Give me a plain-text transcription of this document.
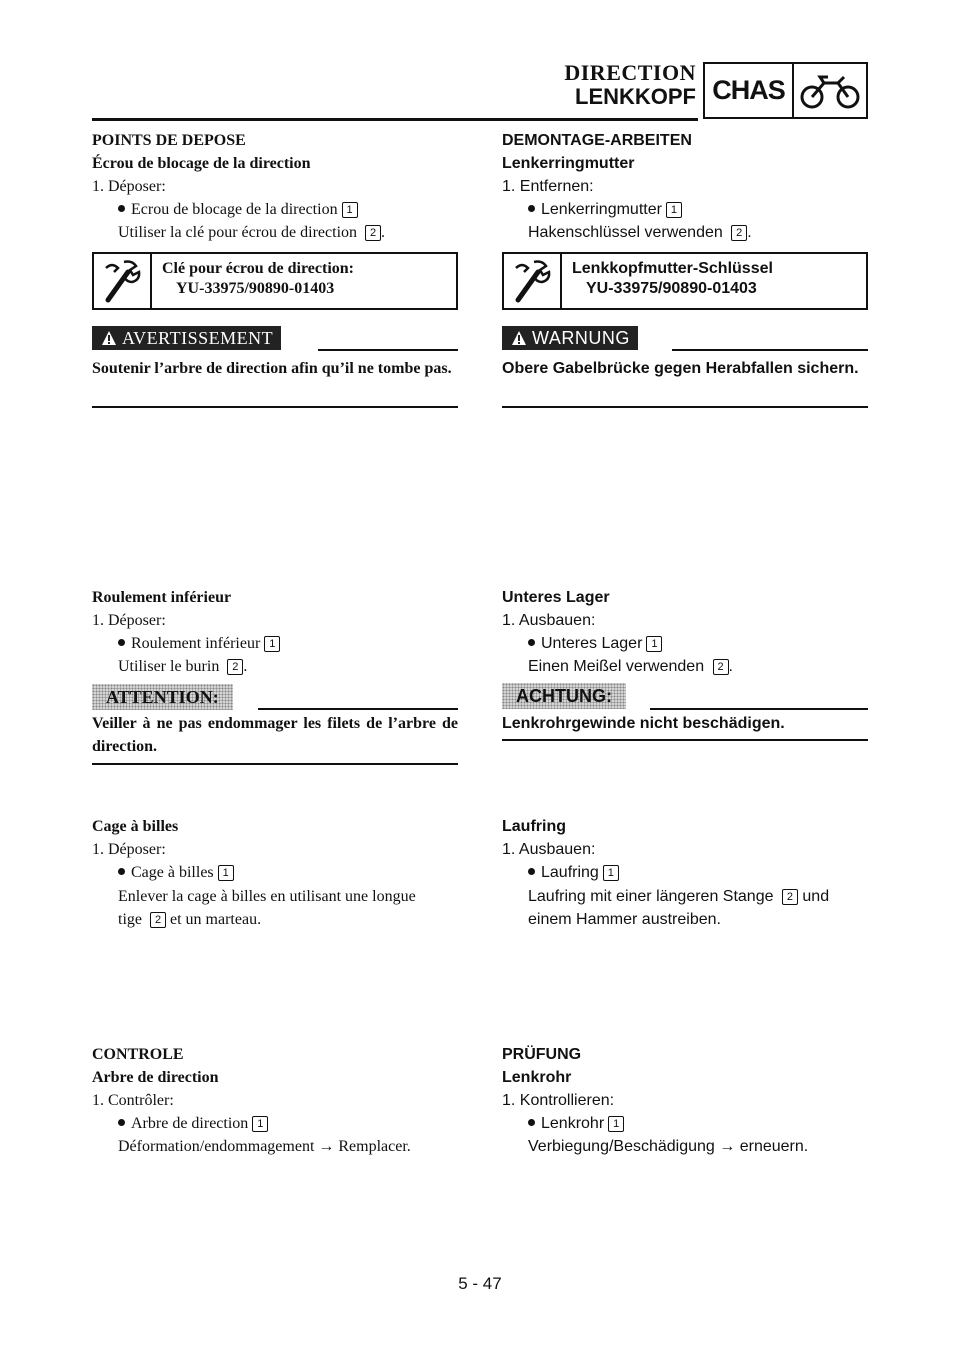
DIRECTION
LENKKOPF CHAS
POINTS DE DEPOSE
Écrou de blocage de la direction
1. Déposer:
Ecrou de blocage de la direction 1
Utiliser la clé pour écrou de direction 2 .
Clé pour écrou de direction:
YU-33975/90890-01403
AVERTISSEMENT
Soutenir l’arbre de direction afin qu’il ne tombe pas.
Roulement inférieur
1. Déposer:
Roulement inférieur 1
Utiliser le burin 2 .
ATTENTION:
Veiller à ne pas endommager les filets de l’arbre de direction.
Cage à billes
1. Déposer:
Cage à billes 1
Enlever la cage à billes en utilisant une longue
tige 2 et un marteau.
CONTROLE
Arbre de direction
1. Contrôler:
Arbre de direction 1
Déformation/endommagement → Remplacer.
DEMONTAGE-ARBEITEN
Lenkerringmutter
1. Entfernen:
Lenkerringmutter 1
Hakenschlüssel verwenden 2 .
Lenkkopfmutter-Schlüssel
YU-33975/90890-01403
WARNUNG
Obere Gabelbrücke gegen Herabfallen sichern.
Unteres Lager
1. Ausbauen:
Unteres Lager 1
Einen Meißel verwenden 2 .
ACHTUNG:
Lenkrohrgewinde nicht beschädigen.
Laufring
1. Ausbauen:
Laufring 1
Laufring mit einer längeren Stange 2 und
einem Hammer austreiben.
PRÜFUNG
Lenkrohr
1. Kontrollieren:
Lenkrohr 1
Verbiegung/Beschädigung → erneuern.
5 - 47
